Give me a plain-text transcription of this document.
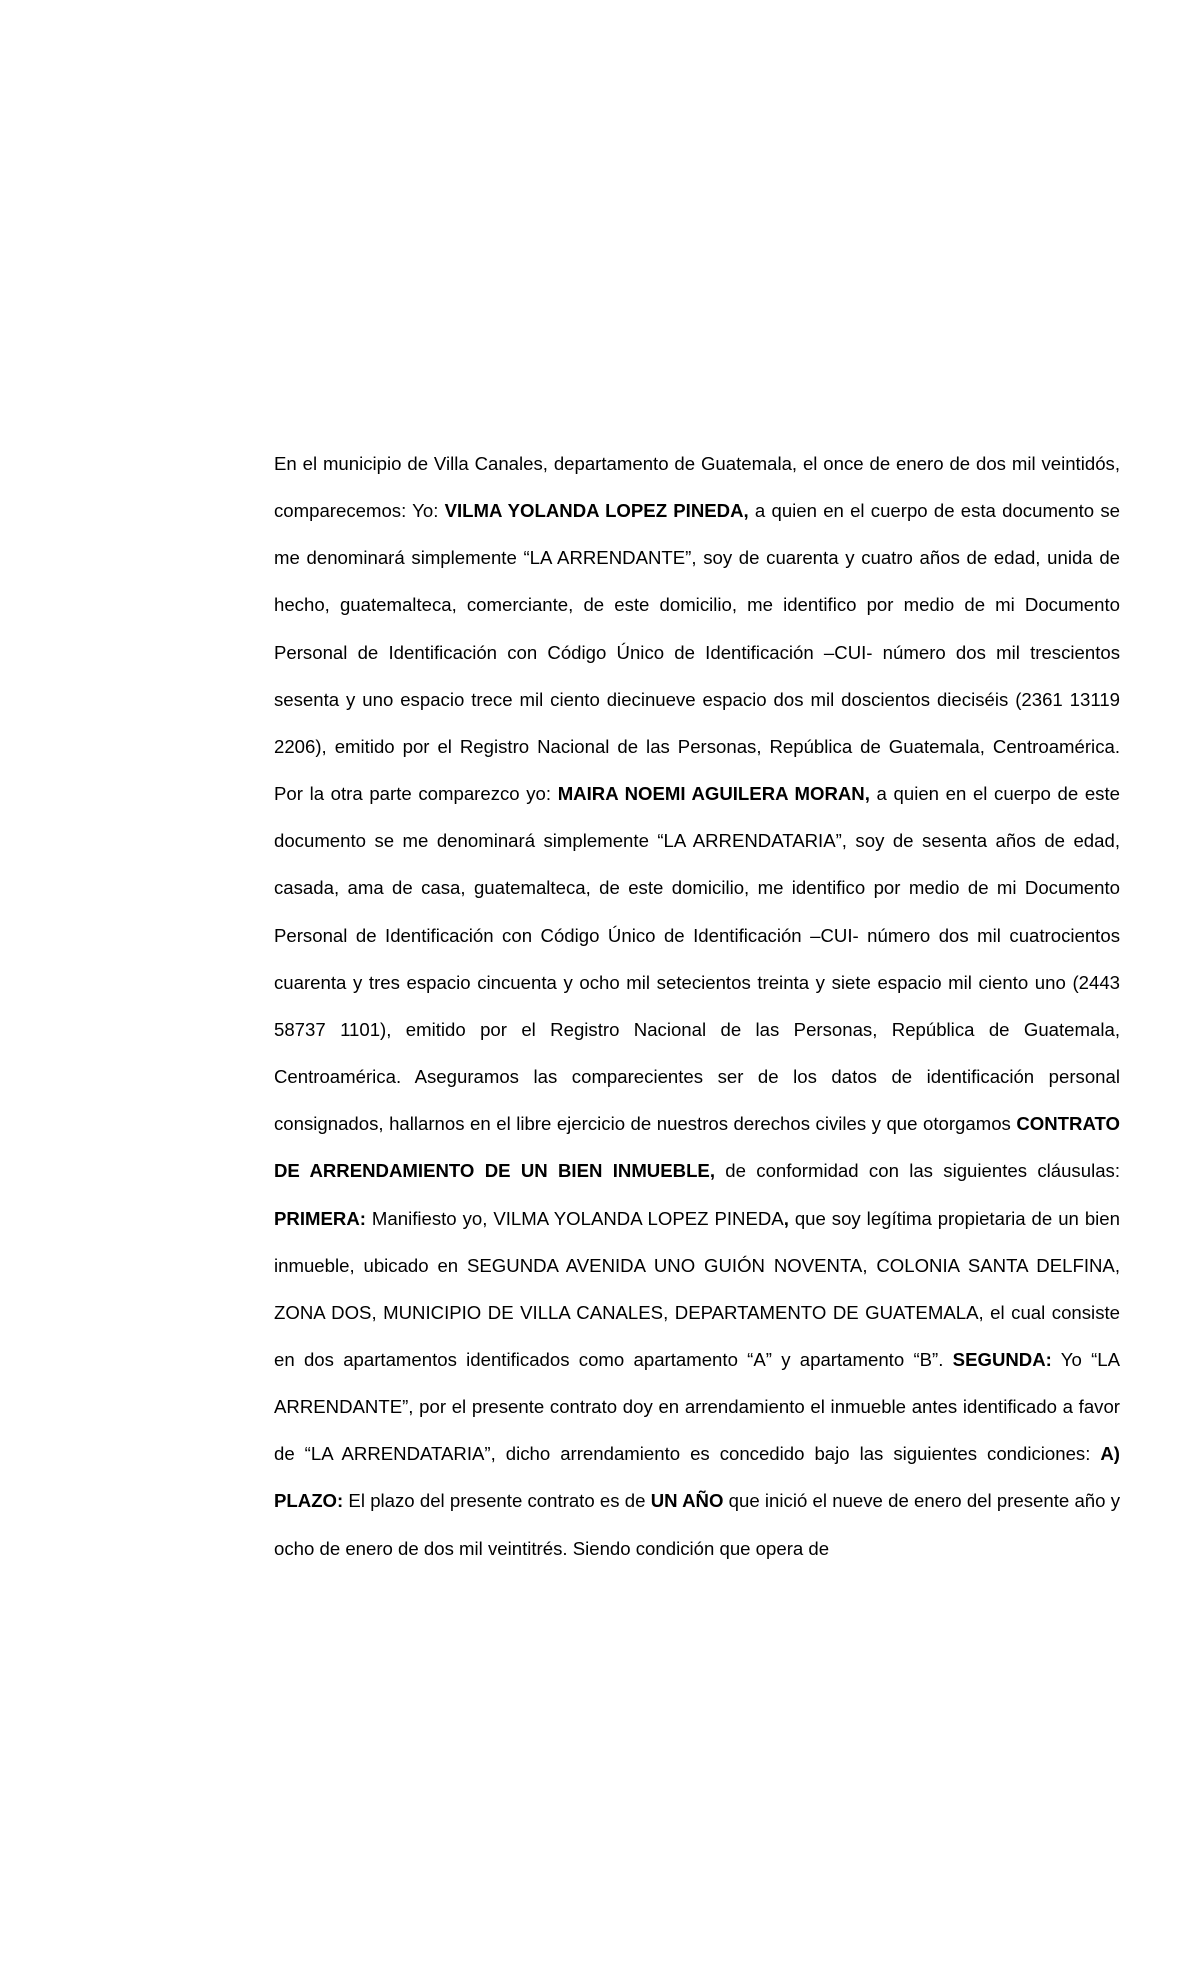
En el municipio de Villa Canales, departamento de Guatemala, el once de enero de dos mil veintidós, comparecemos: Yo: VILMA YOLANDA LOPEZ PINEDA, a quien en el cuerpo de esta documento se me denominará simplemente “LA ARRENDANTE”, soy de cuarenta y cuatro años de edad, unida de hecho, guatemalteca, comerciante, de este domicilio, me identifico por medio de mi Documento Personal de Identificación con Código Único de Identificación –CUI- número dos mil trescientos sesenta y uno espacio trece mil ciento diecinueve espacio dos mil doscientos dieciséis (2361 13119 2206), emitido por el Registro Nacional de las Personas, República de Guatemala, Centroamérica. Por la otra parte comparezco yo: MAIRA NOEMI AGUILERA MORAN, a quien en el cuerpo de este documento se me denominará simplemente “LA ARRENDATARIA”, soy de sesenta años de edad, casada, ama de casa, guatemalteca, de este domicilio, me identifico por medio de mi Documento Personal de Identificación con Código Único de Identificación –CUI- número dos mil cuatrocientos cuarenta y tres espacio cincuenta y ocho mil setecientos treinta y siete espacio mil ciento uno (2443 58737 1101), emitido por el Registro Nacional de las Personas, República de Guatemala, Centroamérica. Aseguramos las comparecientes ser de los datos de identificación personal consignados, hallarnos en el libre ejercicio de nuestros derechos civiles y que otorgamos CONTRATO DE ARRENDAMIENTO DE UN BIEN INMUEBLE, de conformidad con las siguientes cláusulas: PRIMERA: Manifiesto yo, VILMA YOLANDA LOPEZ PINEDA, que soy legítima propietaria de un bien inmueble, ubicado en SEGUNDA AVENIDA UNO GUIÓN NOVENTA, COLONIA SANTA DELFINA, ZONA DOS, MUNICIPIO DE VILLA CANALES, DEPARTAMENTO DE GUATEMALA, el cual consiste en dos apartamentos identificados como apartamento “A” y apartamento “B”. SEGUNDA: Yo “LA ARRENDANTE”, por el presente contrato doy en arrendamiento el inmueble antes identificado a favor de “LA ARRENDATARIA”, dicho arrendamiento es concedido bajo las siguientes condiciones: A) PLAZO: El plazo del presente contrato es de UN AÑO que inició el nueve de enero del presente año y ocho de enero de dos mil veintitrés. Siendo condición que opera de
